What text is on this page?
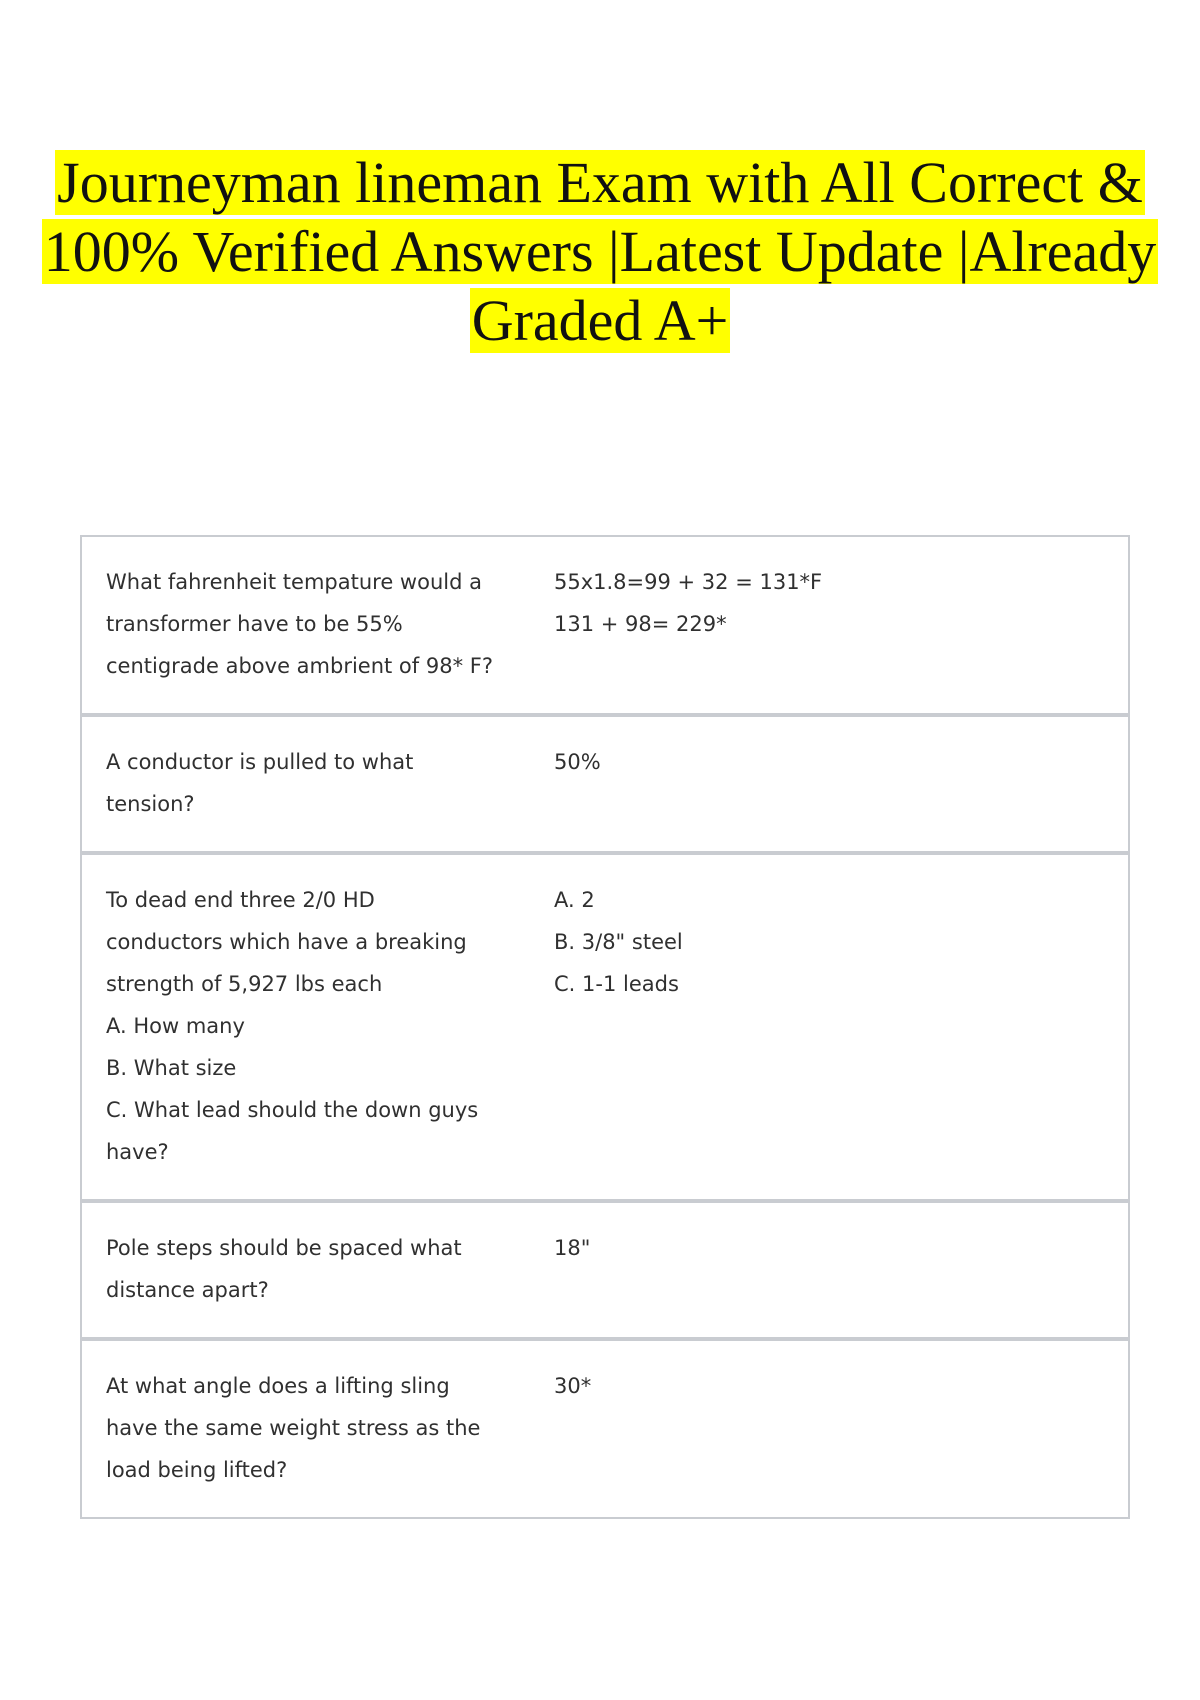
Journeyman lineman Exam with All Correct &
100% Verified Answers |Latest Update |Already
Graded A+
What fahrenheit tempature would a
transformer have to be 55%
centigrade above ambrient of 98* F?
55x1.8=99 + 32 = 131*F
131 + 98= 229*
A conductor is pulled to what
tension?
50%
To dead end three 2/0 HD
conductors which have a breaking
strength of 5,927 lbs each
A. How many
B. What size
C. What lead should the down guys
have?
A. 2
B. 3/8" steel
C. 1-1 leads
Pole steps should be spaced what
distance apart?
18"
At what angle does a lifting sling
have the same weight stress as the
load being lifted?
30*
